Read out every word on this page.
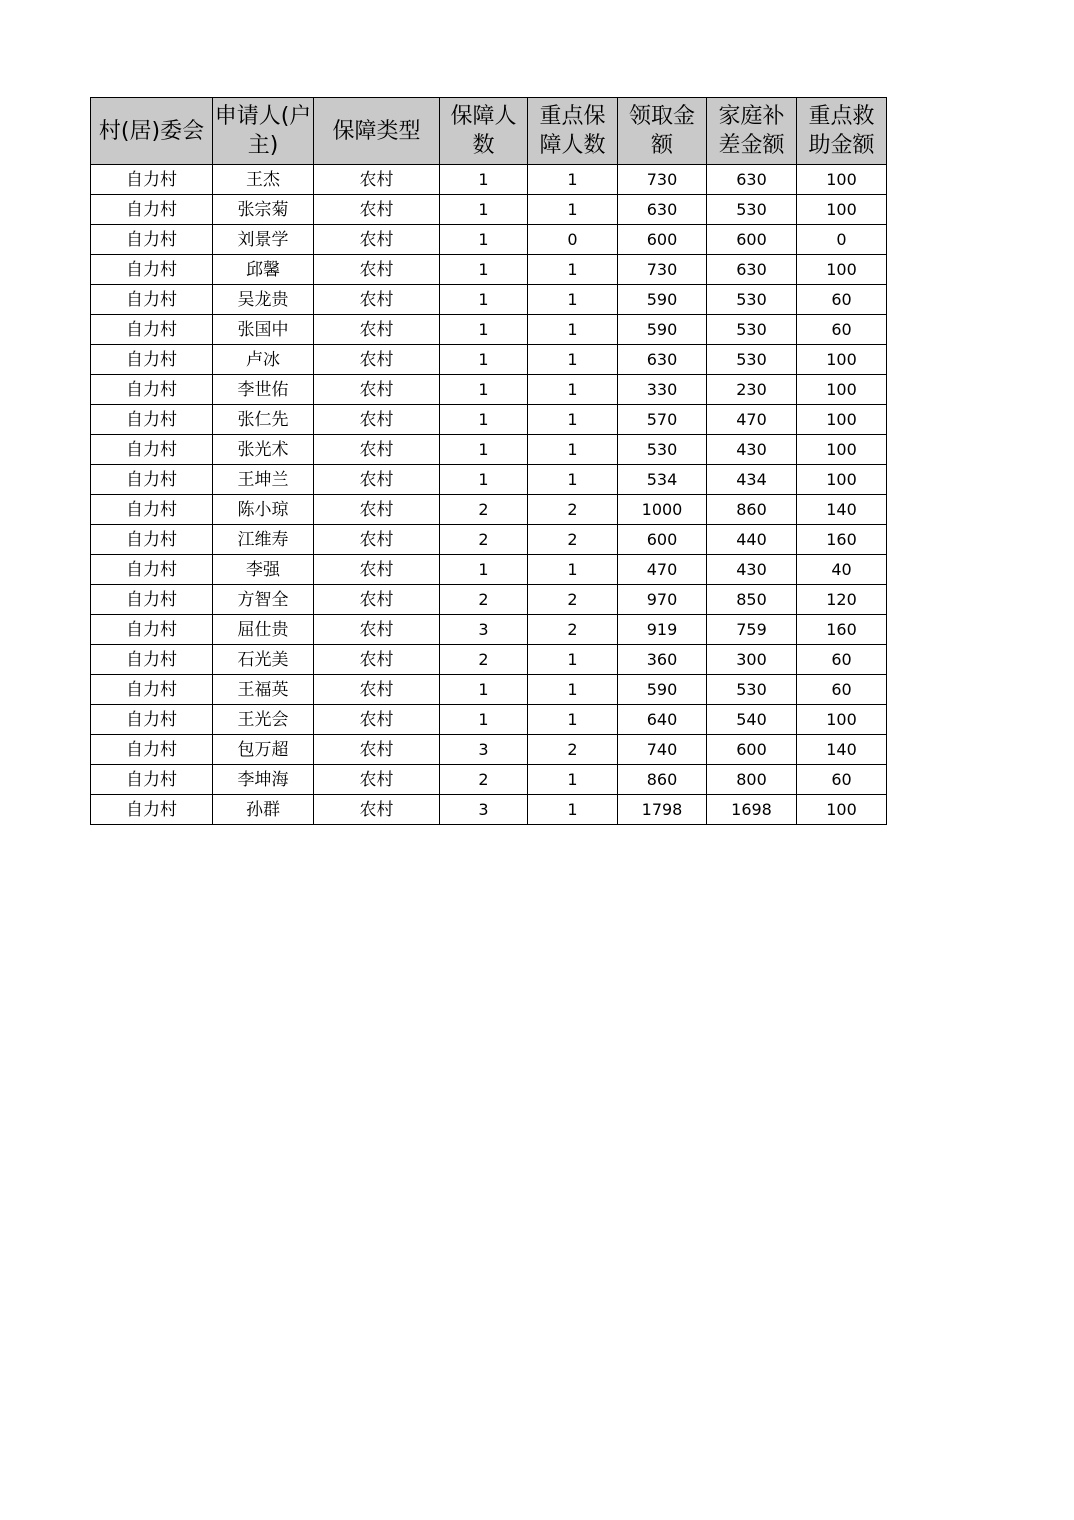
村(居)委会	申请人(户主)	保障类型	保障人数	重点保障人数	领取金额	家庭补差金额	重点救助金额
自力村	王杰	农村	1	1	730	630	100
自力村	张宗菊	农村	1	1	630	530	100
自力村	刘景学	农村	1	0	600	600	0
自力村	邱馨	农村	1	1	730	630	100
自力村	吴龙贵	农村	1	1	590	530	60
自力村	张国中	农村	1	1	590	530	60
自力村	卢冰	农村	1	1	630	530	100
自力村	李世佑	农村	1	1	330	230	100
自力村	张仁先	农村	1	1	570	470	100
自力村	张光术	农村	1	1	530	430	100
自力村	王坤兰	农村	1	1	534	434	100
自力村	陈小琼	农村	2	2	1000	860	140
自力村	江维寿	农村	2	2	600	440	160
自力村	李强	农村	1	1	470	430	40
自力村	方智全	农村	2	2	970	850	120
自力村	屈仕贵	农村	3	2	919	759	160
自力村	石光美	农村	2	1	360	300	60
自力村	王福英	农村	1	1	590	530	60
自力村	王光会	农村	1	1	640	540	100
自力村	包万超	农村	3	2	740	600	140
自力村	李坤海	农村	2	1	860	800	60
自力村	孙群	农村	3	1	1798	1698	100
